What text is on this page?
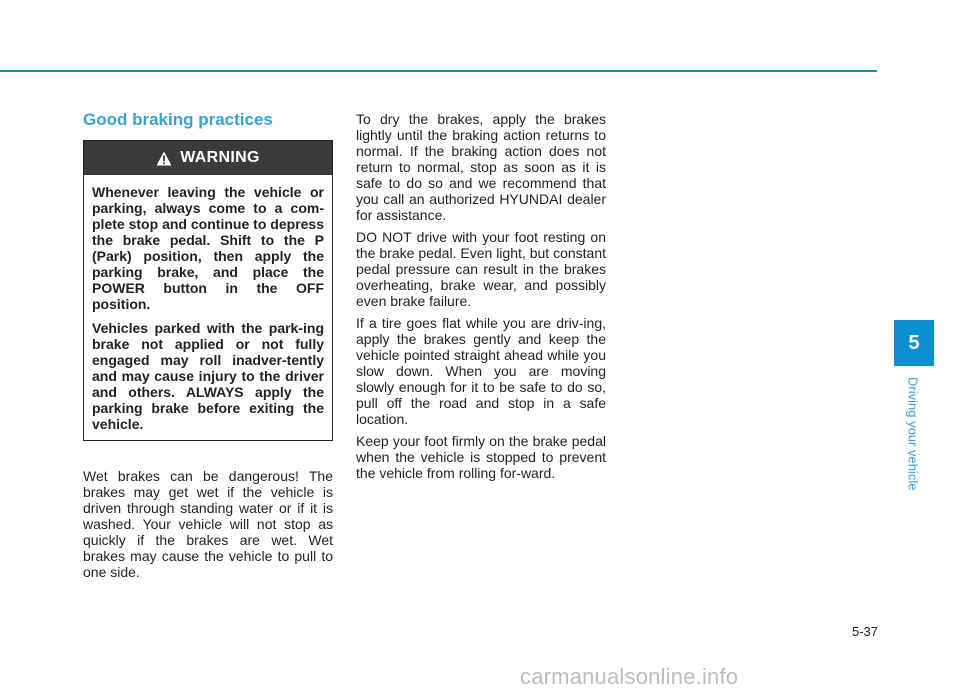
Good braking practices
WARNING

Whenever leaving the vehicle or parking, always come to a com-plete stop and continue to depress the brake pedal. Shift to the P (Park) position, then apply the parking brake, and place the POWER button in the OFF position.

Vehicles parked with the park-ing brake not applied or not fully engaged may roll inadver-tently and may cause injury to the driver and others. ALWAYS apply the parking brake before exiting the vehicle.

Wet brakes can be dangerous! The brakes may get wet if the vehicle is driven through standing water or if it is washed. Your vehicle will not stop as quickly if the brakes are wet. Wet brakes may cause the vehicle to pull to one side.

To dry the brakes, apply the brakes lightly until the braking action returns to normal. If the braking action does not return to normal, stop as soon as it is safe to do so and we recommend that you call an authorized HYUNDAI dealer for assistance.

DO NOT drive with your foot resting on the brake pedal. Even light, but constant pedal pressure can result in the brakes overheating, brake wear, and possibly even brake failure.

If a tire goes flat while you are driv-ing, apply the brakes gently and keep the vehicle pointed straight ahead while you slow down. When you are moving slowly enough for it to be safe to do so, pull off the road and stop in a safe location.

Keep your foot firmly on the brake pedal when the vehicle is stopped to prevent the vehicle from rolling for-ward.

5
Driving your vehicle
5-37
carmanualsonline.info
